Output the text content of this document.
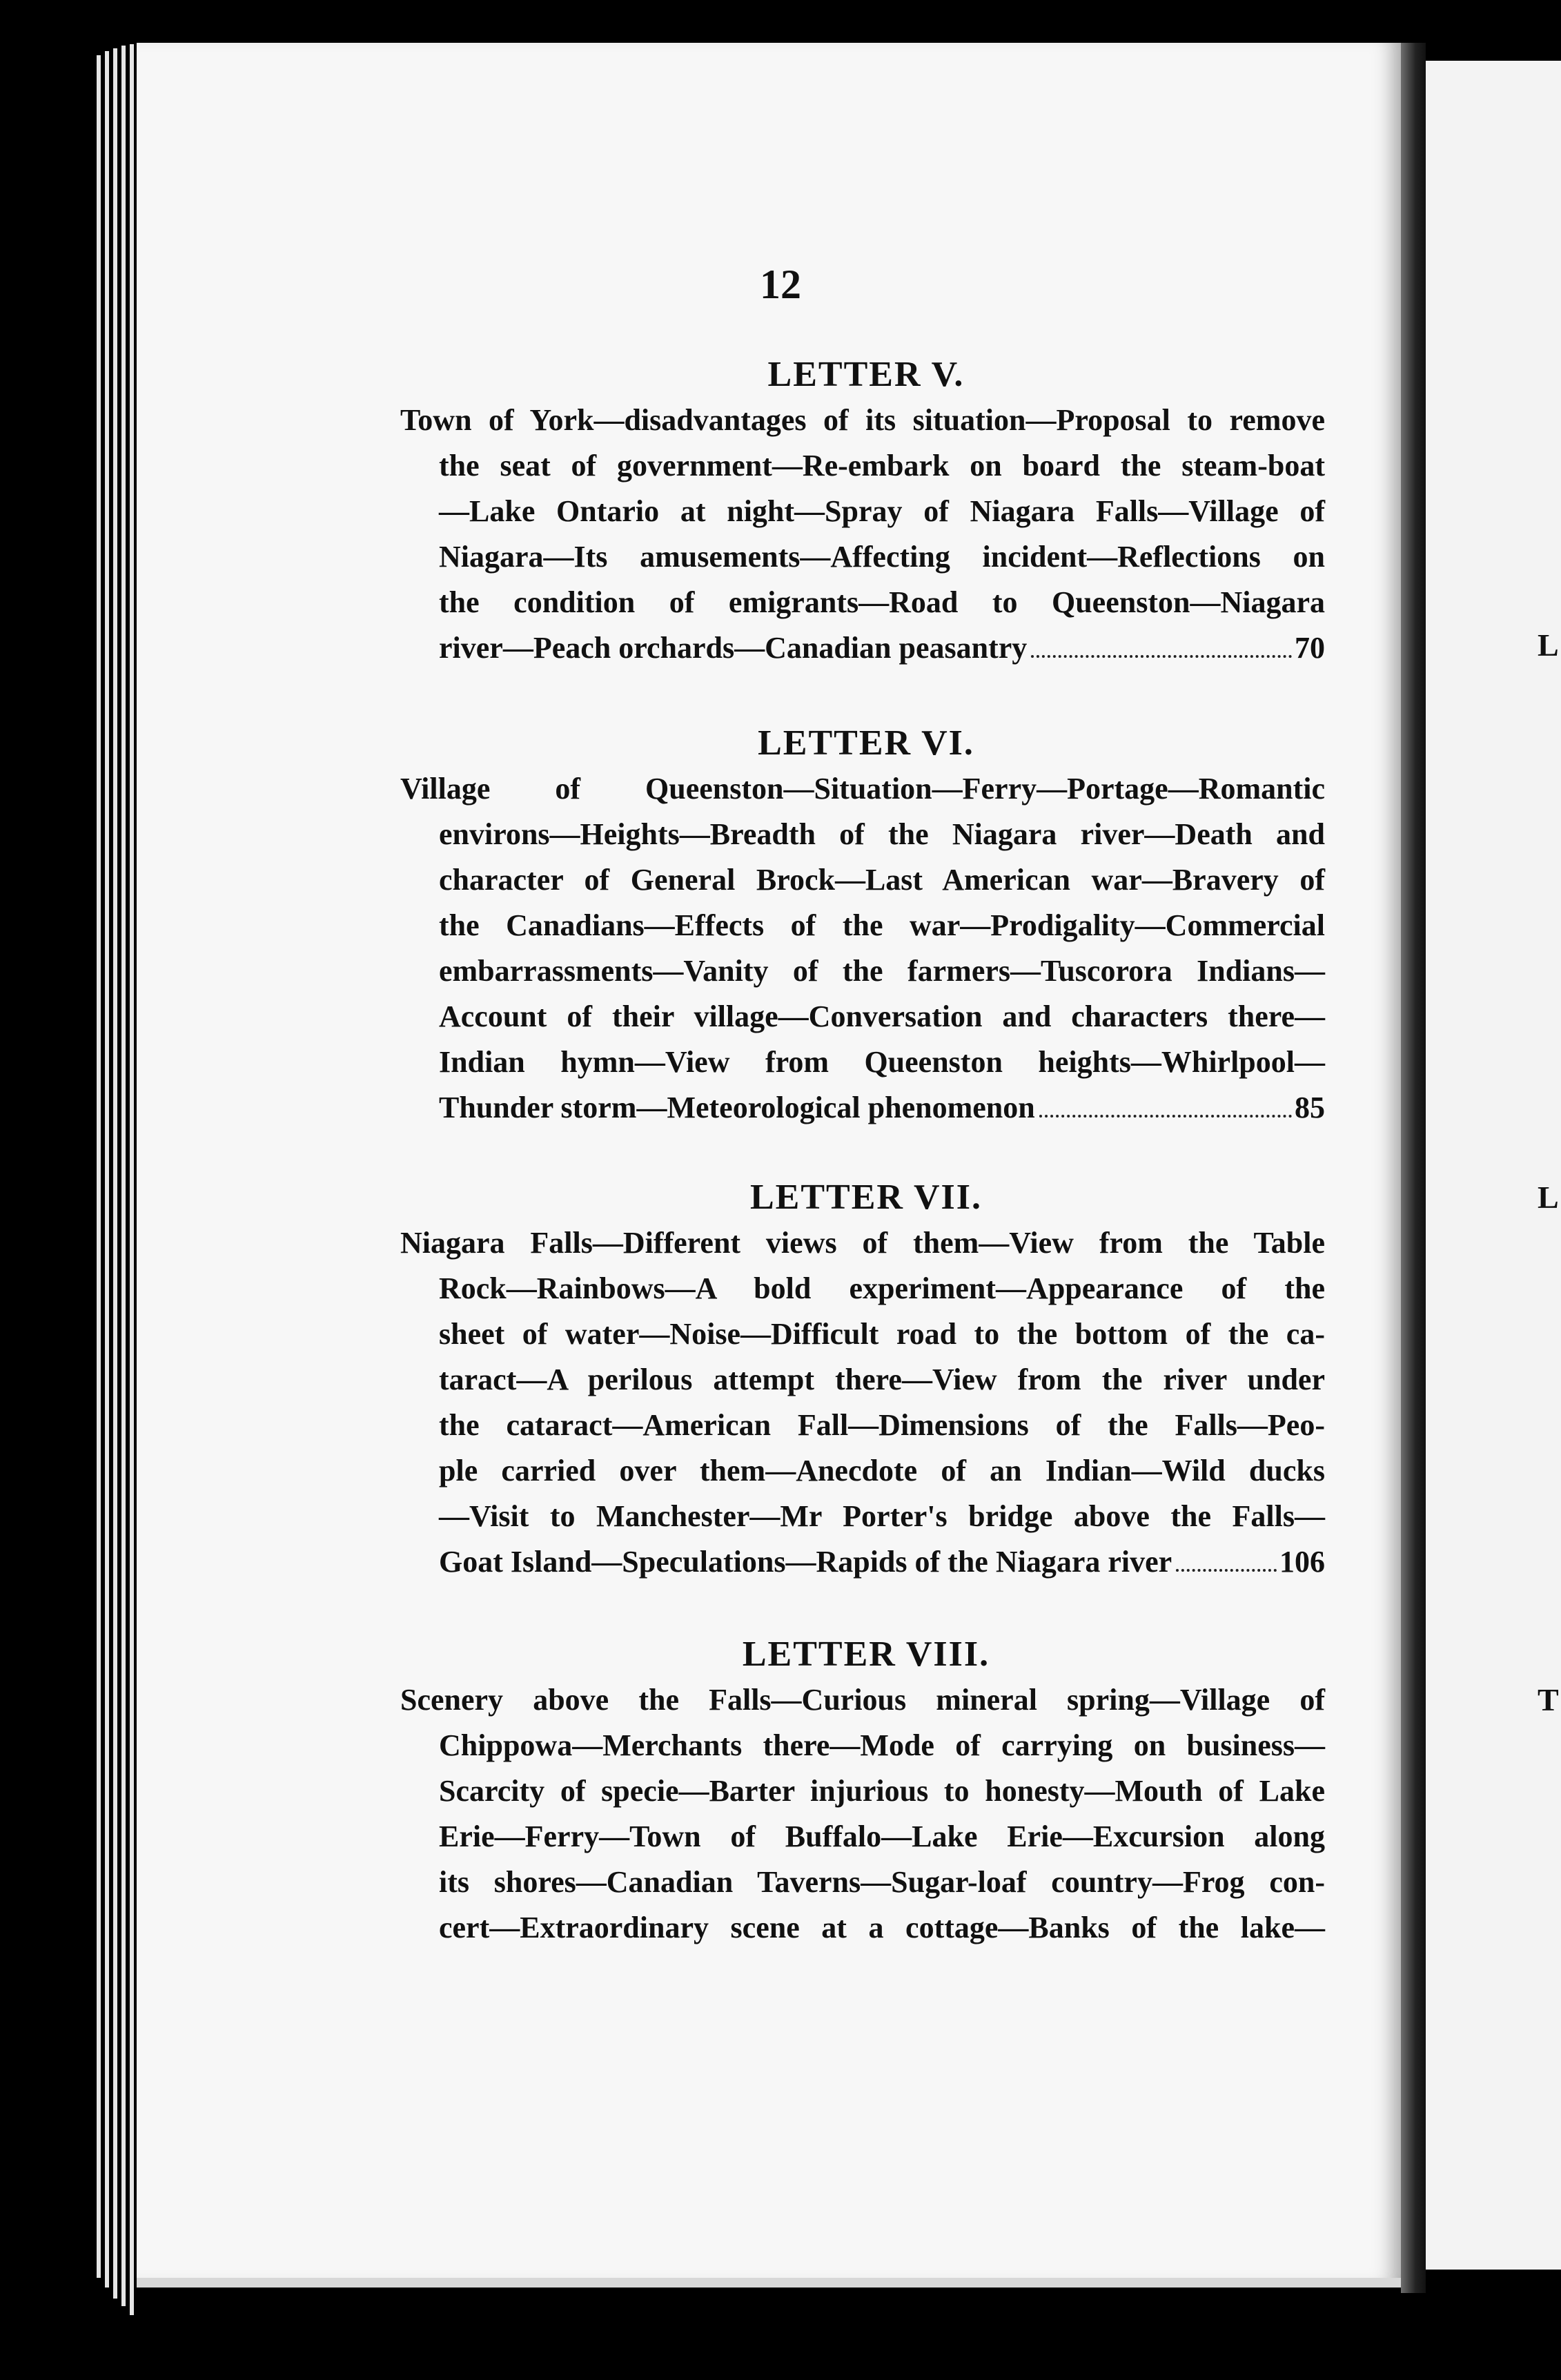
L
L
T
12
LETTER V.
Town of York—disadvantages of its situation—Proposal to remove
the seat of government—Re-embark on board the steam-boat
—Lake Ontario at night—Spray of Niagara Falls—Village of
Niagara—Its amusements—Affecting incident—Reflections on
the condition of emigrants—Road to Queenston—Niagara
river—Peach orchards—Canadian peasantry	70
LETTER VI.
Village of Queenston—Situation—Ferry—Portage—Romantic
environs—Heights—Breadth of the Niagara river—Death and
character of General Brock—Last American war—Bravery of
the Canadians—Effects of the war—Prodigality—Commercial
embarrassments—Vanity of the farmers—Tuscorora Indians—
Account of their village—Conversation and characters there—
Indian hymn—View from Queenston heights—Whirlpool—
Thunder storm—Meteorological phenomenon	85
LETTER VII.
Niagara Falls—Different views of them—View from the Table
Rock—Rainbows—A bold experiment—Appearance of the
sheet of water—Noise—Difficult road to the bottom of the ca-
taract—A perilous attempt there—View from the river under
the cataract—American Fall—Dimensions of the Falls—Peo-
ple carried over them—Anecdote of an Indian—Wild ducks
—Visit to Manchester—Mr Porter's bridge above the Falls—
Goat Island—Speculations—Rapids of the Niagara river	106
LETTER VIII.
Scenery above the Falls—Curious mineral spring—Village of
Chippowa—Merchants there—Mode of carrying on business—
Scarcity of specie—Barter injurious to honesty—Mouth of Lake
Erie—Ferry—Town of Buffalo—Lake Erie—Excursion along
its shores—Canadian Taverns—Sugar-loaf country—Frog con-
cert—Extraordinary scene at a cottage—Banks of the lake—
